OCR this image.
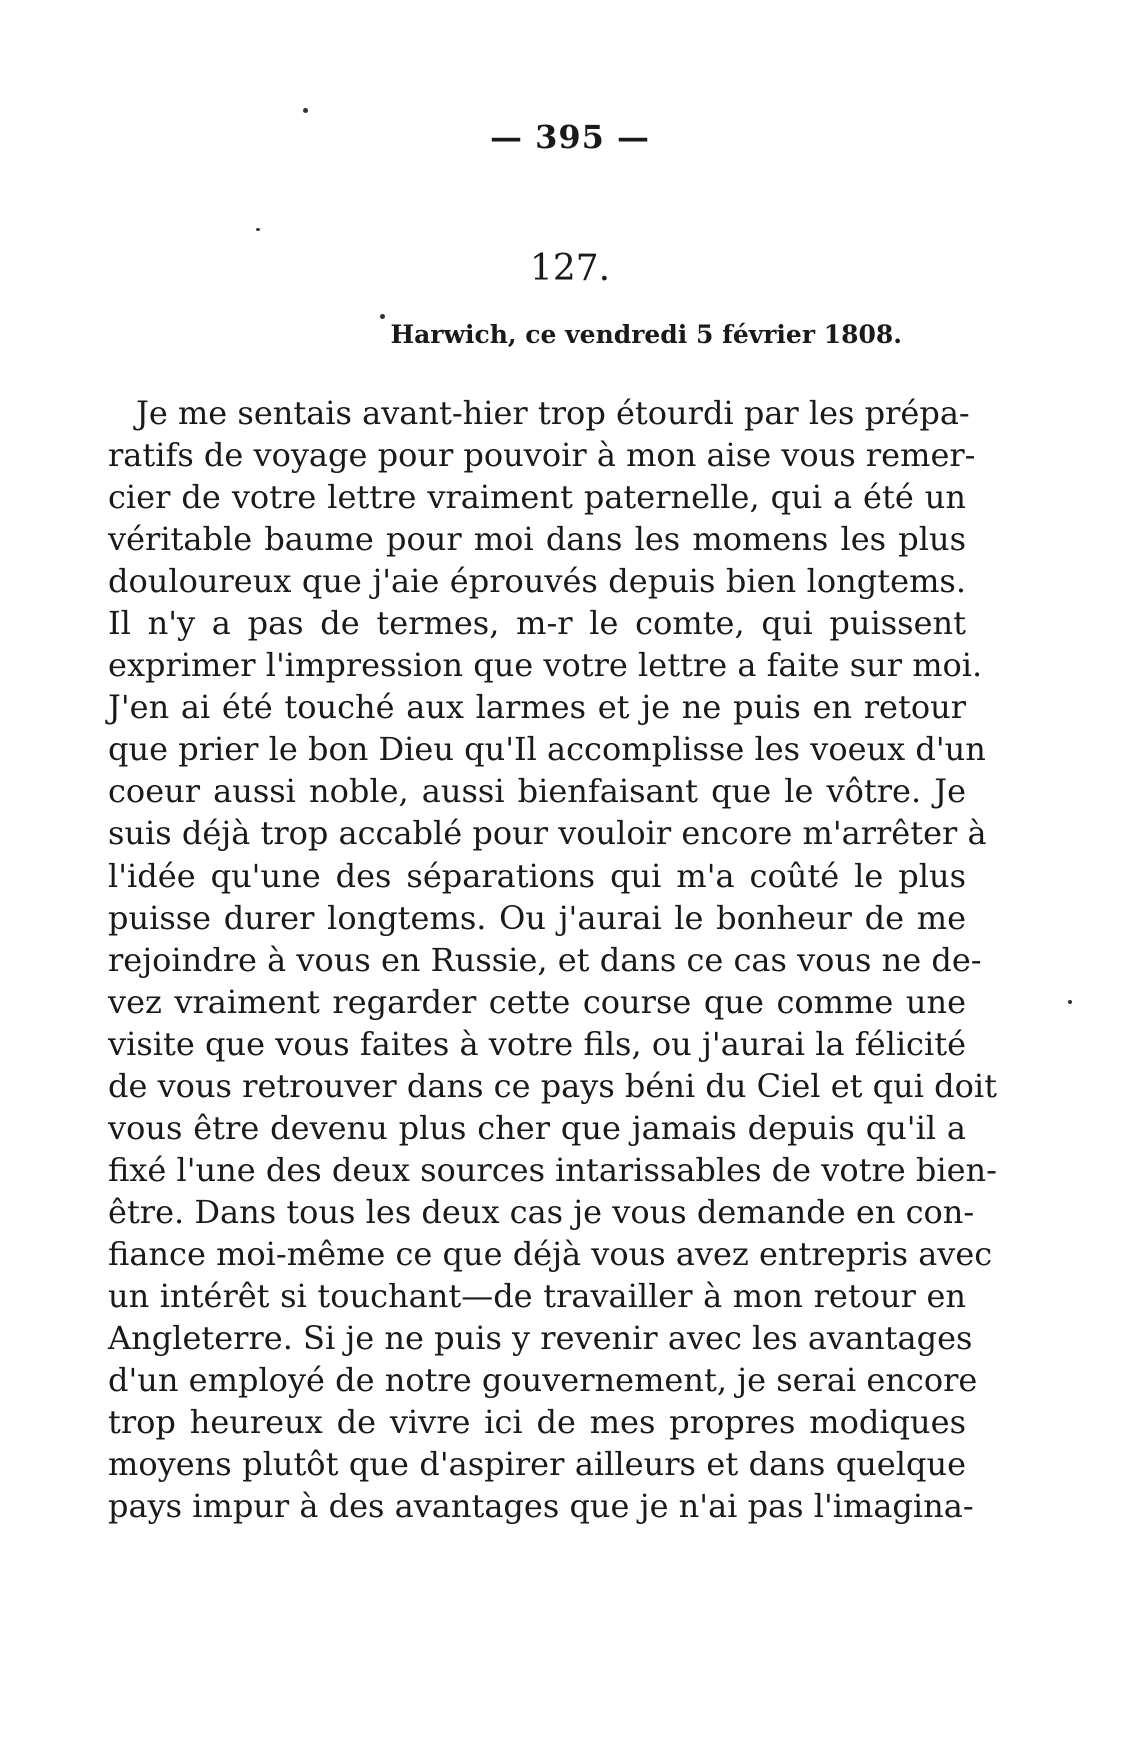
— 395 —
127.
Harwich, ce vendredi 5 février 1808.
Je me sentais avant-hier trop étourdi par les prépa-
ratifs de voyage pour pouvoir à mon aise vous remer-
cier de votre lettre vraiment paternelle, qui a été un
véritable baume pour moi dans les momens les plus
douloureux que j'aie éprouvés depuis bien longtems.
Il n'y a pas de termes, m-r le comte, qui puissent
exprimer l'impression que votre lettre a faite sur moi.
J'en ai été touché aux larmes et je ne puis en retour
que prier le bon Dieu qu'Il accomplisse les voeux d'un
coeur aussi noble, aussi bienfaisant que le vôtre. Je
suis déjà trop accablé pour vouloir encore m'arrêter à
l'idée qu'une des séparations qui m'a coûté le plus
puisse durer longtems. Ou j'aurai le bonheur de me
rejoindre à vous en Russie, et dans ce cas vous ne de-
vez vraiment regarder cette course que comme une
visite que vous faites à votre fils, ou j'aurai la félicité
de vous retrouver dans ce pays béni du Ciel et qui doit
vous être devenu plus cher que jamais depuis qu'il a
fixé l'une des deux sources intarissables de votre bien-
être. Dans tous les deux cas je vous demande en con-
fiance moi-même ce que déjà vous avez entrepris avec
un intérêt si touchant—de travailler à mon retour en
Angleterre. Si je ne puis y revenir avec les avantages
d'un employé de notre gouvernement, je serai encore
trop heureux de vivre ici de mes propres modiques
moyens plutôt que d'aspirer ailleurs et dans quelque
pays impur à des avantages que je n'ai pas l'imagina-
